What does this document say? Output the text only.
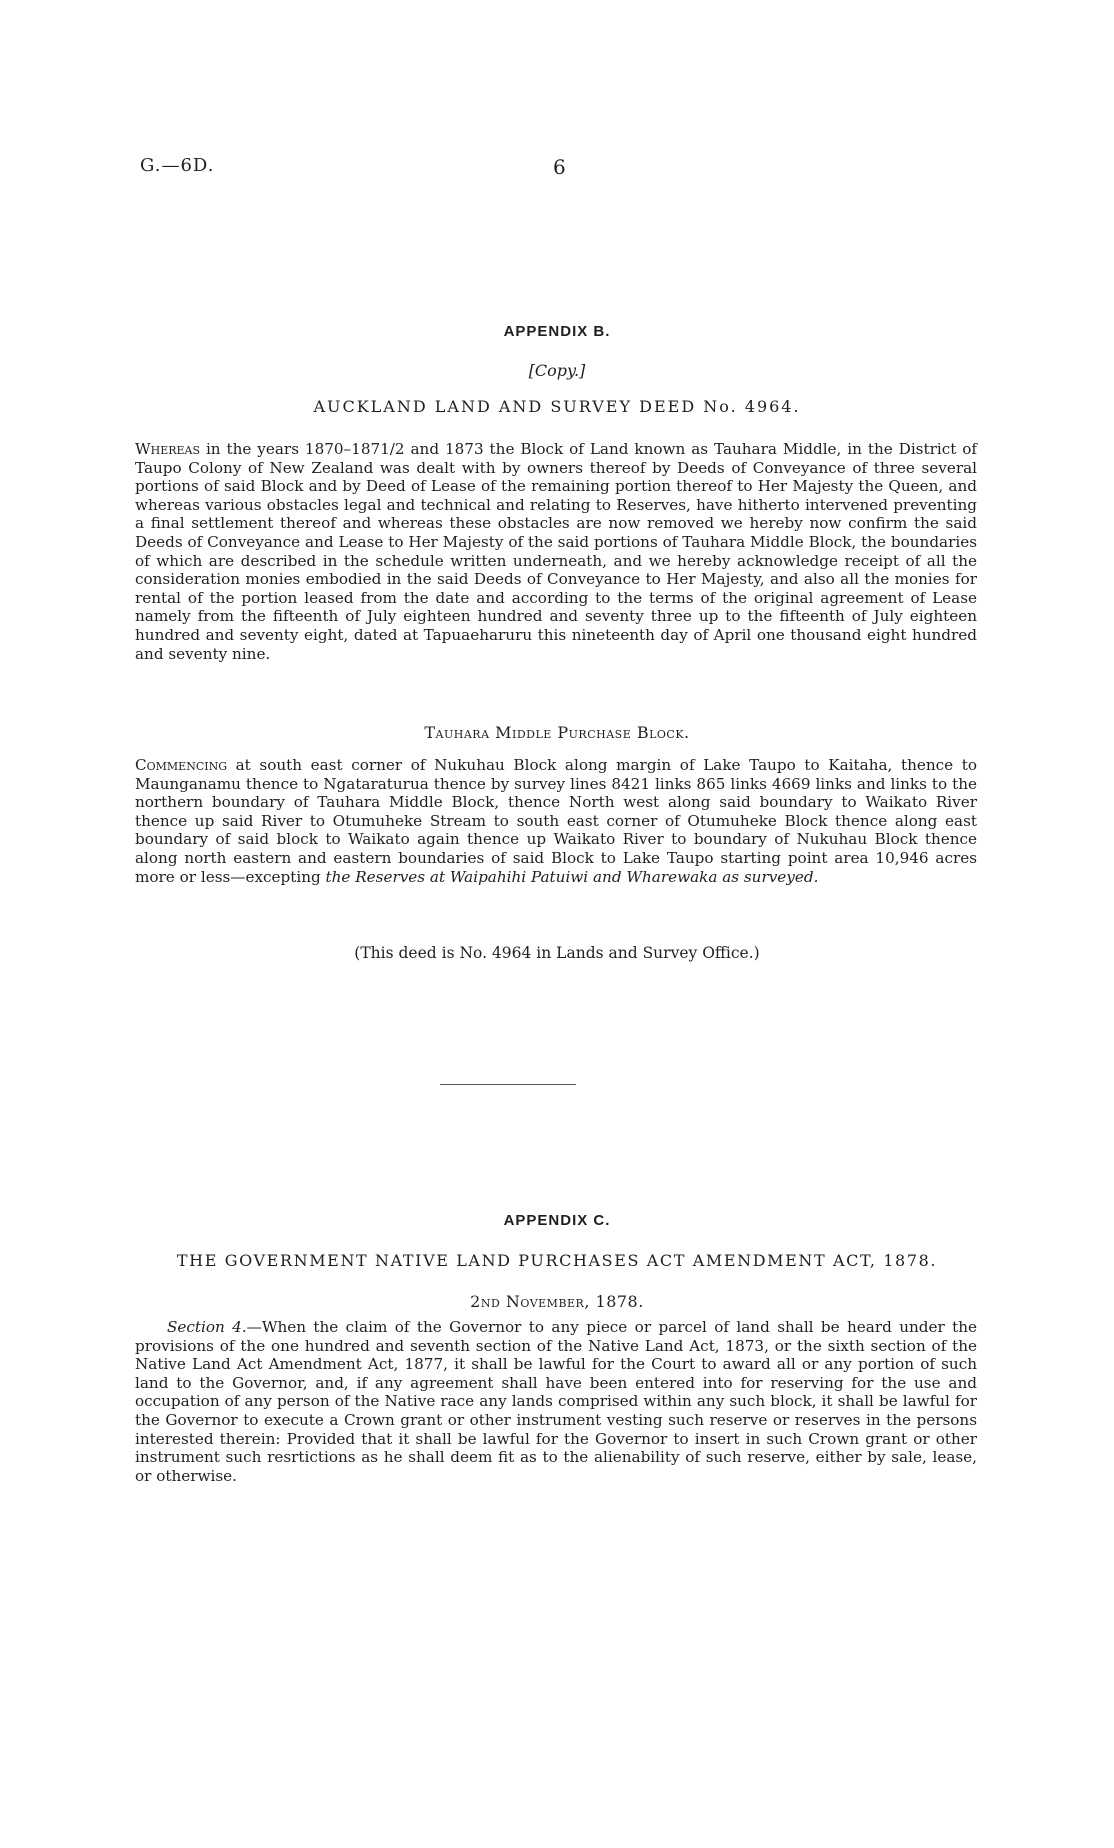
G.—6D.	6
APPENDIX B.
[Copy.]
AUCKLAND LAND AND SURVEY DEED No. 4964.
Whereas in the years 1870–1871/2 and 1873 the Block of Land known as Tauhara Middle, in the District of Taupo Colony of New Zealand was dealt with by owners thereof by Deeds of Conveyance of three several portions of said Block and by Deed of Lease of the remaining portion thereof to Her Majesty the Queen, and whereas various obstacles legal and technical and relating to Reserves, have hitherto intervened preventing a final settlement thereof and whereas these obstacles are now removed we hereby now confirm the said Deeds of Conveyance and Lease to Her Majesty of the said portions of Tauhara Middle Block, the boundaries of which are described in the schedule written underneath, and we hereby acknowledge receipt of all the consideration monies embodied in the said Deeds of Conveyance to Her Majesty, and also all the monies for rental of the portion leased from the date and according to the terms of the original agreement of Lease namely from the fifteenth of July eighteen hundred and seventy three up to the fifteenth of July eighteen hundred and seventy eight, dated at Tapuaeharuru this nineteenth day of April one thousand eight hundred and seventy nine.
Tauhara Middle Purchase Block.
Commencing at south east corner of Nukuhau Block along margin of Lake Taupo to Kaitaha, thence to Maunganamu thence to Ngataraturua thence by survey lines 8421 links 865 links 4669 links and links to the northern boundary of Tauhara Middle Block, thence North west along said boundary to Waikato River thence up said River to Otumuheke Stream to south east corner of Otumuheke Block thence along east boundary of said block to Waikato again thence up Waikato River to boundary of Nukuhau Block thence along north eastern and eastern boundaries of said Block to Lake Taupo starting point area 10,946 acres more or less—excepting the Reserves at Waipahihi Patuiwi and Wharewaka as surveyed.
(This deed is No. 4964 in Lands and Survey Office.)
APPENDIX C.
THE GOVERNMENT NATIVE LAND PURCHASES ACT AMENDMENT ACT, 1878.
2nd November, 1878.
Section 4.—When the claim of the Governor to any piece or parcel of land shall be heard under the provisions of the one hundred and seventh section of the Native Land Act, 1873, or the sixth section of the Native Land Act Amendment Act, 1877, it shall be lawful for the Court to award all or any portion of such land to the Governor, and, if any agreement shall have been entered into for reserving for the use and occupation of any person of the Native race any lands comprised within any such block, it shall be lawful for the Governor to execute a Crown grant or other instrument vesting such reserve or reserves in the persons interested therein: Provided that it shall be lawful for the Governor to insert in such Crown grant or other instrument such resrtictions as he shall deem fit as to the alienability of such reserve, either by sale, lease, or otherwise.
